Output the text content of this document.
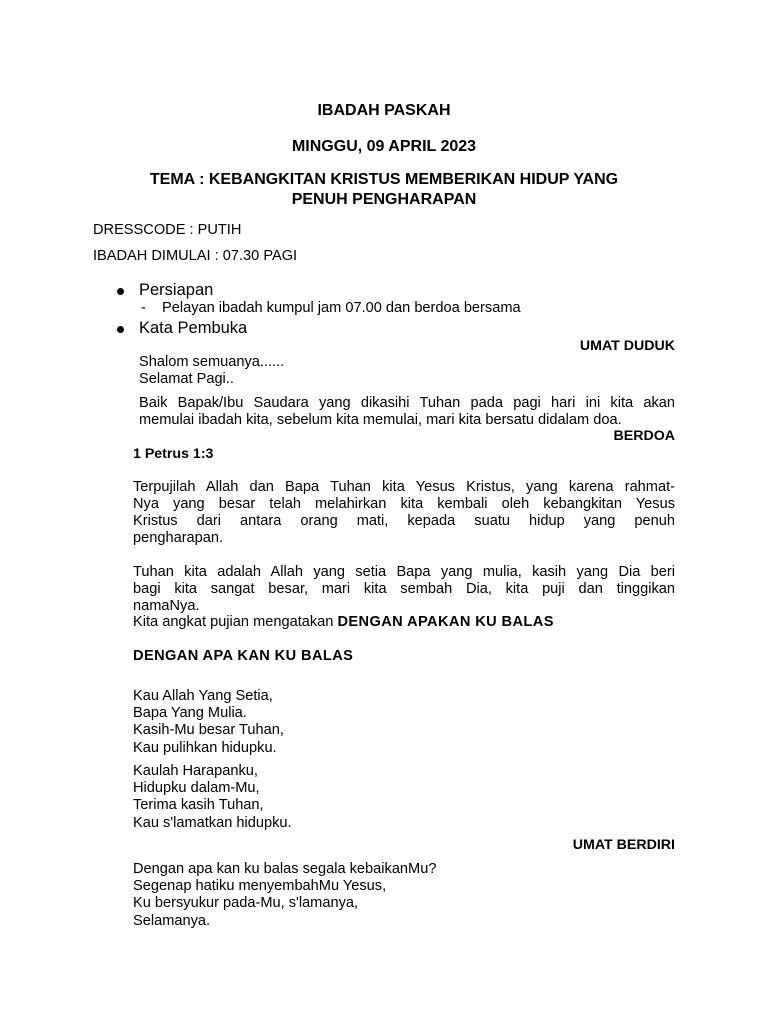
IBADAH PASKAH

MINGGU, 09 APRIL 2023

TEMA : KEBANGKITAN KRISTUS MEMBERIKAN HIDUP YANG

PENUH PENGHARAPAN

DRESSCODE : PUTIH

IBADAH DIMULAI : 07.30 PAGI

Persiapan

- Pelayan ibadah kumpul jam 07.00 dan berdoa bersama

Kata Pembuka

UMAT DUDUK

Shalom semuanya......

Selamat Pagi..

Baik Bapak/Ibu Saudara yang dikasihi Tuhan pada pagi hari ini kita akan

memulai ibadah kita, sebelum kita memulai, mari kita bersatu didalam doa.

BERDOA

1 Petrus 1:3

Terpujilah Allah dan Bapa Tuhan kita Yesus Kristus, yang karena rahmat-

Nya yang besar telah melahirkan kita kembali oleh kebangkitan Yesus

Kristus dari antara orang mati, kepada suatu hidup yang penuh

pengharapan.

Tuhan kita adalah Allah yang setia Bapa yang mulia, kasih yang Dia beri

bagi kita sangat besar, mari kita sembah Dia, kita puji dan tinggikan

namaNya.

Kita angkat pujian mengatakan DENGAN APAKAN KU BALAS

DENGAN APA KAN KU BALAS

Kau Allah Yang Setia,
Bapa Yang Mulia.
Kasih-Mu besar Tuhan,
Kau pulihkan hidupku.
Kaulah Harapanku,
Hidupku dalam-Mu,
Terima kasih Tuhan,
Kau s'lamatkan hidupku.

UMAT BERDIRI

Dengan apa kan ku balas segala kebaikanMu?
Segenap hatiku menyembahMu Yesus,
Ku bersyukur pada-Mu, s'lamanya,
Selamanya.
